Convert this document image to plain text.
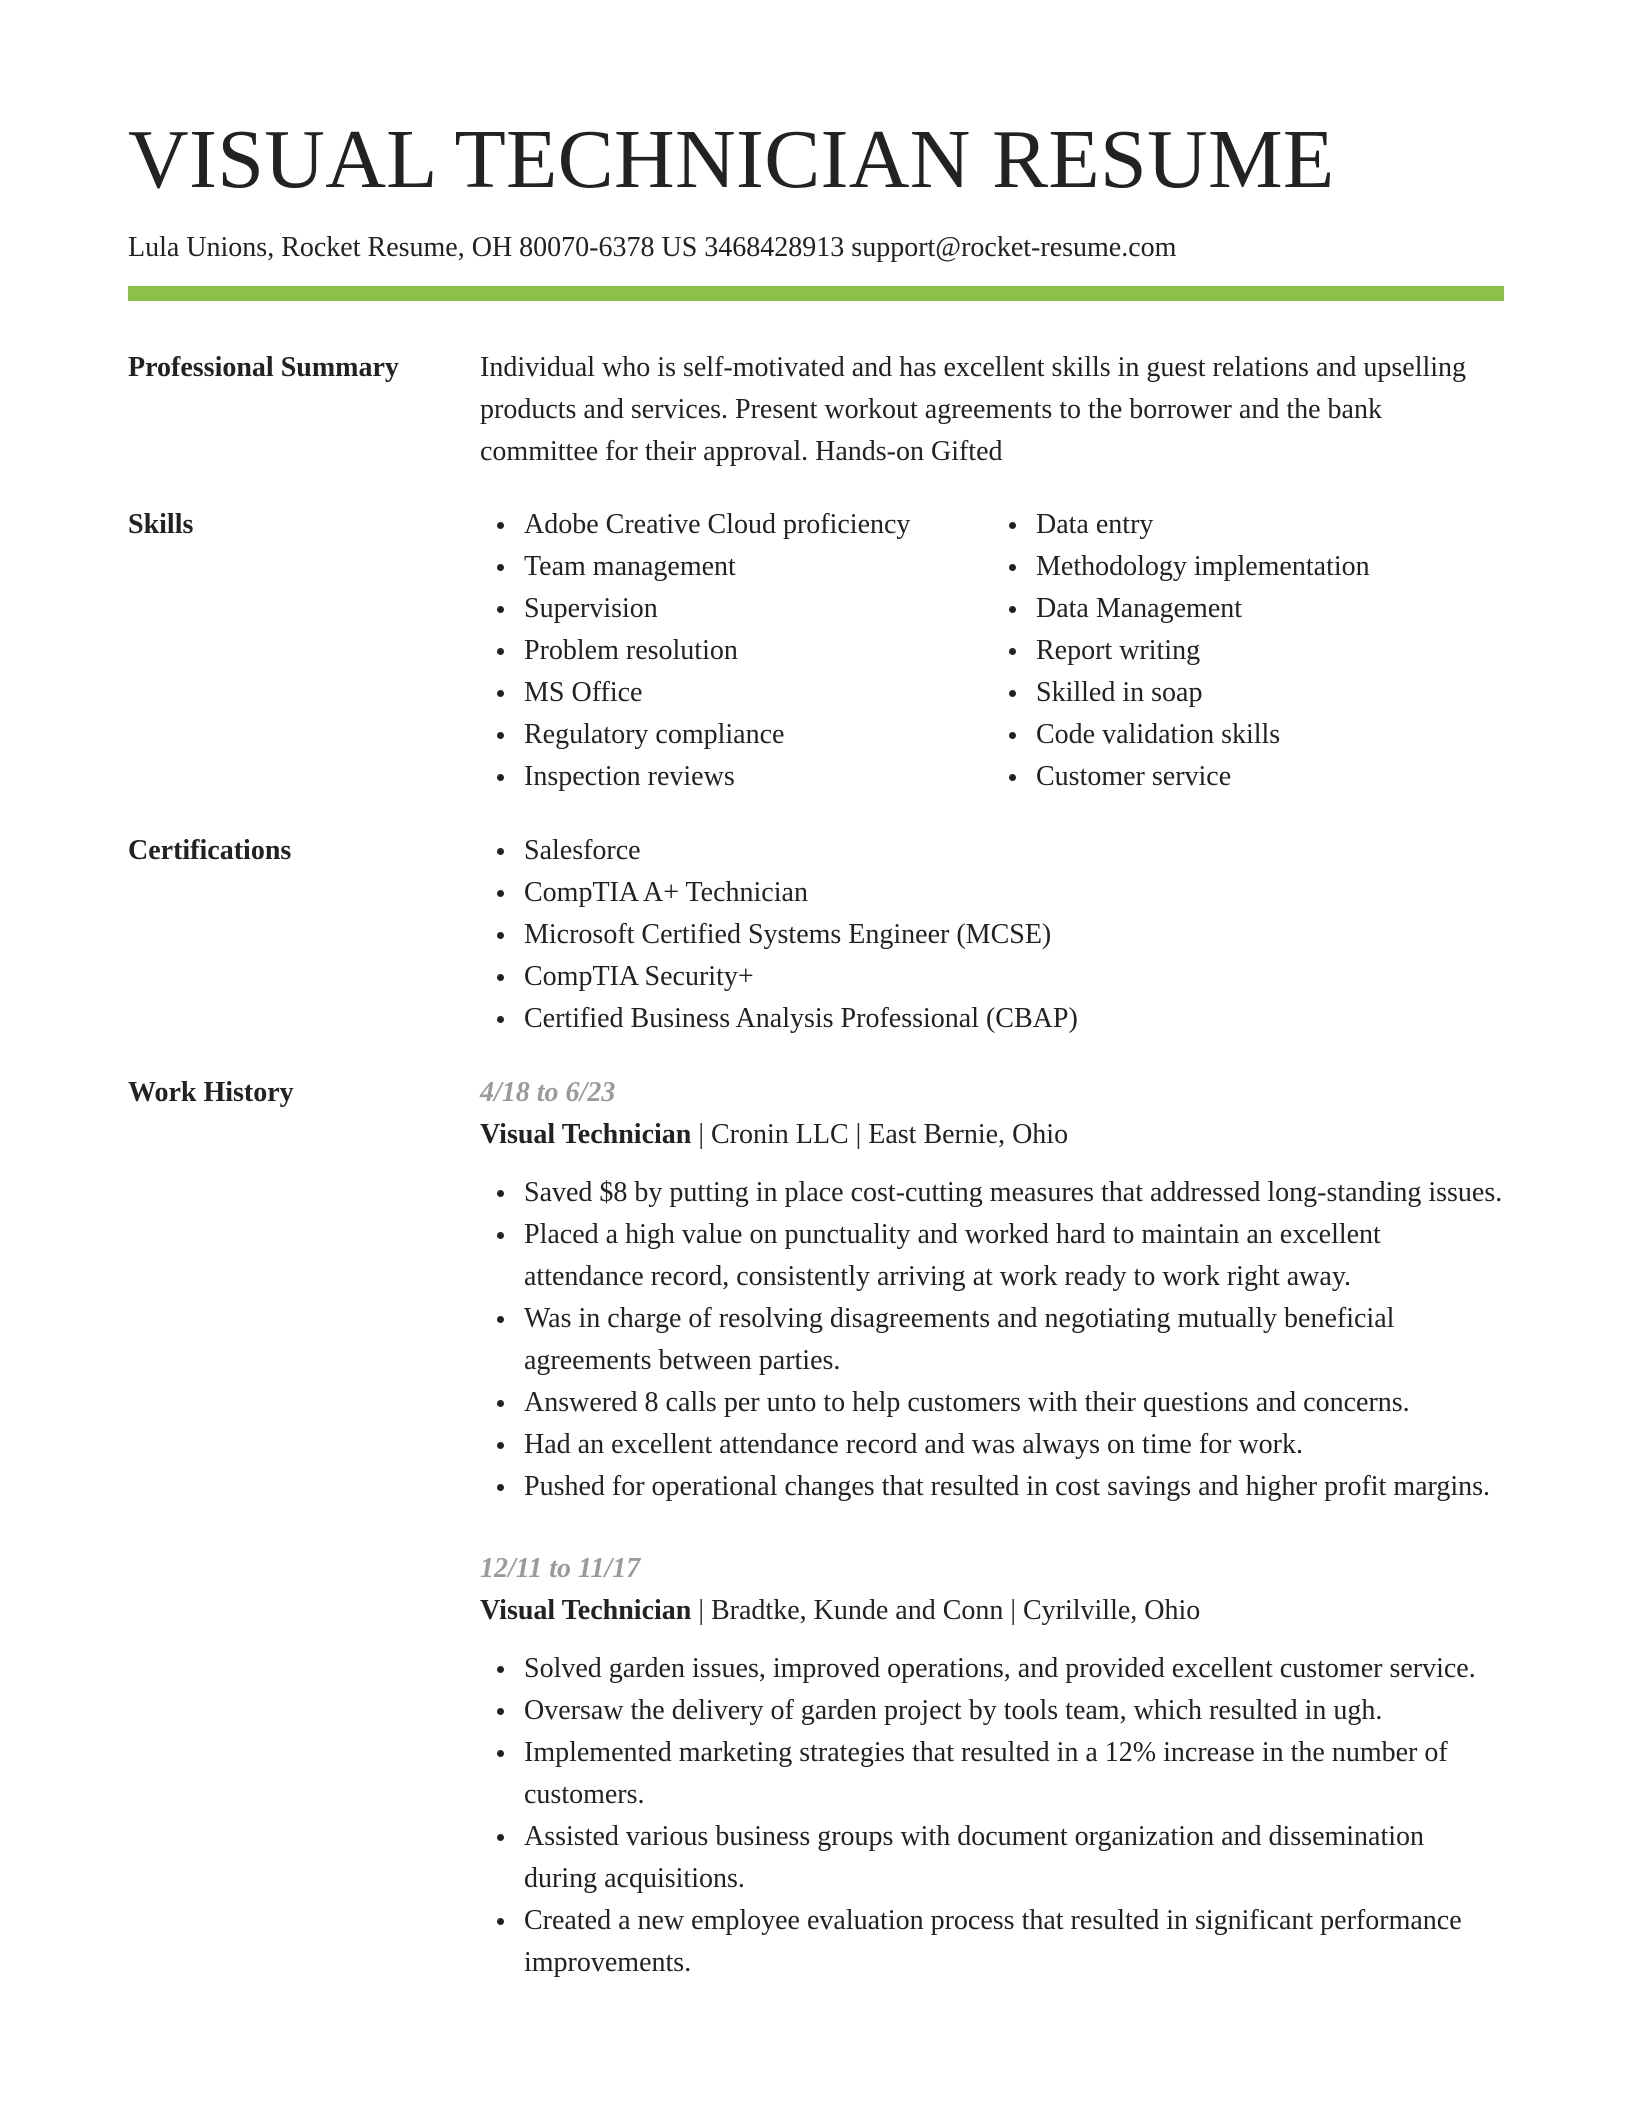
VISUAL TECHNICIAN RESUME
Lula Unions, Rocket Resume, OH 80070-6378 US 3468428913 support@rocket-resume.com
Professional Summary	Individual who is self-motivated and has excellent skills in guest relations and upselling products and services. Present workout agreements to the borrower and the bank committee for their approval. Hands-on Gifted

Skills	Adobe Creative Cloud proficiency
Team management
Supervision
Problem resolution
MS Office
Regulatory compliance
Inspection reviews
Data entry
Methodology implementation
Data Management
Report writing
Skilled in soap
Code validation skills
Customer service
Certifications	Salesforce
CompTIA A+ Technician
Microsoft Certified Systems Engineer (MCSE)
CompTIA Security+
Certified Business Analysis Professional (CBAP)
Work History	4/18 to 6/23
Visual Technician | Cronin LLC | East Bernie, Ohio
Saved $8 by putting in place cost-cutting measures that addressed long-standing issues.
Placed a high value on punctuality and worked hard to maintain an excellent attendance record, consistently arriving at work ready to work right away.
Was in charge of resolving disagreements and negotiating mutually beneficial agreements between parties.
Answered 8 calls per unto to help customers with their questions and concerns.
Had an excellent attendance record and was always on time for work.
Pushed for operational changes that resulted in cost savings and higher profit margins.
12/11 to 11/17
Visual Technician | Bradtke, Kunde and Conn | Cyrilville, Ohio
Solved garden issues, improved operations, and provided excellent customer service.
Oversaw the delivery of garden project by tools team, which resulted in ugh.
Implemented marketing strategies that resulted in a 12% increase in the number of customers.
Assisted various business groups with document organization and dissemination during acquisitions.
Created a new employee evaluation process that resulted in significant performance improvements.
